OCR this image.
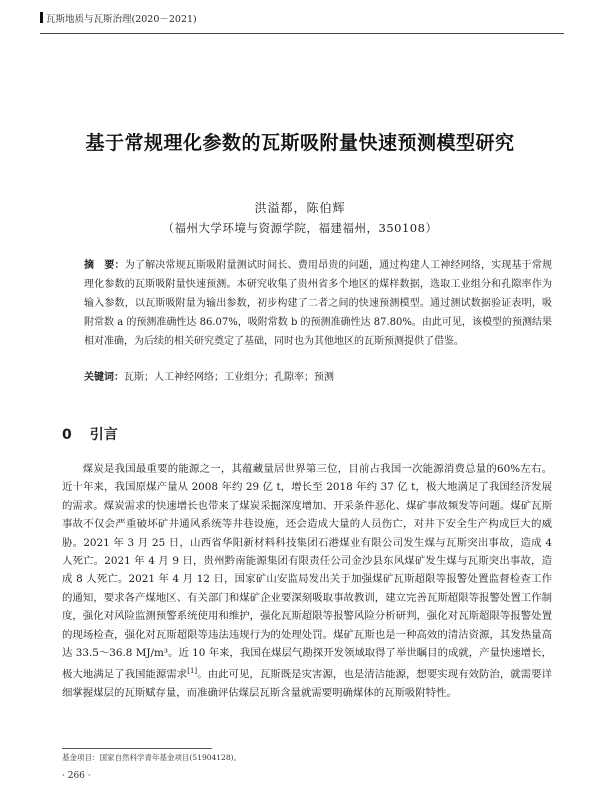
瓦斯地质与瓦斯治理(2020－2021)
基于常规理化参数的瓦斯吸附量快速预测模型研究
洪溢都，陈伯辉
（福州大学环境与资源学院，福建福州，350108）
摘　要：为了解决常规瓦斯吸附量测试时间长、费用昂贵的问题，通过构建人工神经网络，实现基于常规理化参数的瓦斯吸附量快速预测。本研究收集了贵州省多个地区的煤样数据，选取工业组分和孔隙率作为输入参数，以瓦斯吸附量为输出参数，初步构建了二者之间的快速预测模型。通过测试数据验证表明，吸附常数 a 的预测准确性达 86.07%，吸附常数 b 的预测准确性达 87.80%。由此可见，该模型的预测结果相对准确，为后续的相关研究奠定了基础，同时也为其他地区的瓦斯预测提供了借鉴。
关键词：瓦斯；人工神经网络；工业组分；孔隙率；预测
0 引言

煤炭是我国最重要的能源之一，其蕴藏量居世界第三位，目前占我国一次能源消费总量的60%左右。近十年来，我国原煤产量从 2008 年约 29 亿 t，增长至 2018 年约 37 亿 t，极大地满足了我国经济发展的需求。煤炭需求的快速增长也带来了煤炭采掘深度增加、开采条件恶化、煤矿事故频发等问题。煤矿瓦斯事故不仅会严重破坏矿井通风系统等井巷设施，还会造成大量的人员伤亡，对井下安全生产构成巨大的威胁。2021 年 3 月 25 日，山西省华阳新材料科技集团石港煤业有限公司发生煤与瓦斯突出事故，造成 4 人死亡。2021 年 4 月 9 日，贵州黔南能源集团有限责任公司金沙县东风煤矿发生煤与瓦斯突出事故，造成 8 人死亡。2021 年 4 月 12 日，国家矿山安监局发出关于加强煤矿瓦斯超限等报警处置监督检查工作的通知，要求各产煤地区、有关部门和煤矿企业要深刻吸取事故教训，建立完善瓦斯超限等报警处置工作制度，强化对风险监测预警系统使用和维护，强化瓦斯超限等报警风险分析研判，强化对瓦斯超限等报警处置的现场检查，强化对瓦斯超限等违法违规行为的处理处罚。煤矿瓦斯也是一种高效的清洁资源，其发热量高达 33.5～36.8 MJ/m³。近 10 年来，我国在煤层气勘探开发领域取得了举世瞩目的成就，产量快速增长，极大地满足了我国能源需求[1]。由此可见，瓦斯既是灾害源，也是清洁能源，想要实现有效防治，就需要详细掌握煤层的瓦斯赋存量，而准确评估煤层瓦斯含量就需要明确煤体的瓦斯吸附特性。

基金项目：国家自然科学青年基金项目(51904128)。
· 266 ·
